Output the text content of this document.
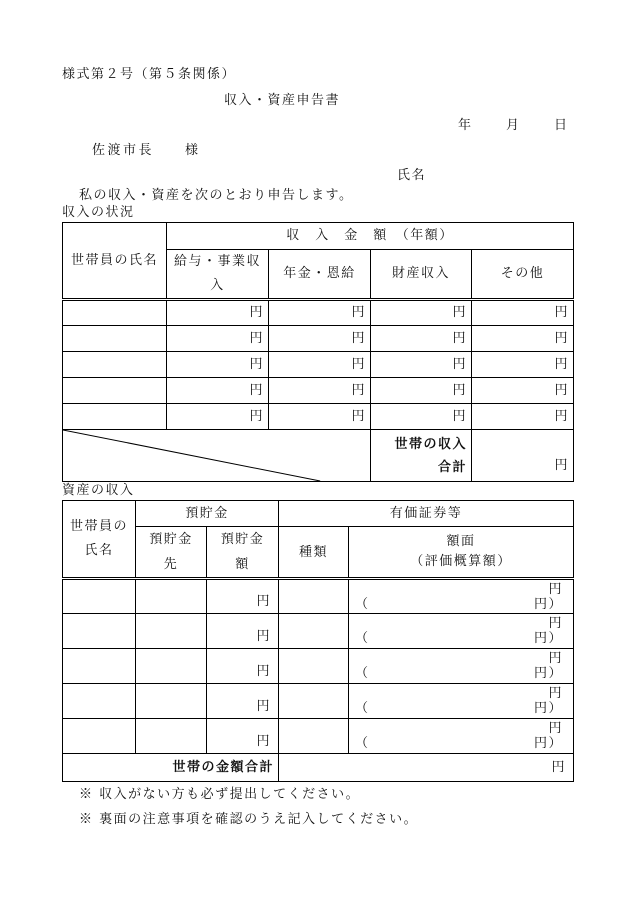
様式第２号（第５条関係）
収入・資産申告書
年　　月　　日
佐渡市長　　様
氏名
私の収入・資産を次のとおり申告します。
収入の状況
世帯員の氏名	収　入　金　額　（年額）			
	給与・事業収入	年金・恩給	財産収入	その他
	円	円	円	円
	円	円	円	円
	円	円	円	円
	円	円	円	円
	円	円	円	円

	世帯の収入合計	円
資産の収入
世帯員の氏名	預貯金		有価証券等	
	預貯金先	預貯金額	種類	額面
（評価概算額）

		円		円
（ 円）

		円		円
（ 円）

		円		円
（ 円）

		円		円
（ 円）

		円		円
（ 円）

世帯の金額合計			円	
※ 収入がない方も必ず提出してください。
※ 裏面の注意事項を確認のうえ記入してください。
